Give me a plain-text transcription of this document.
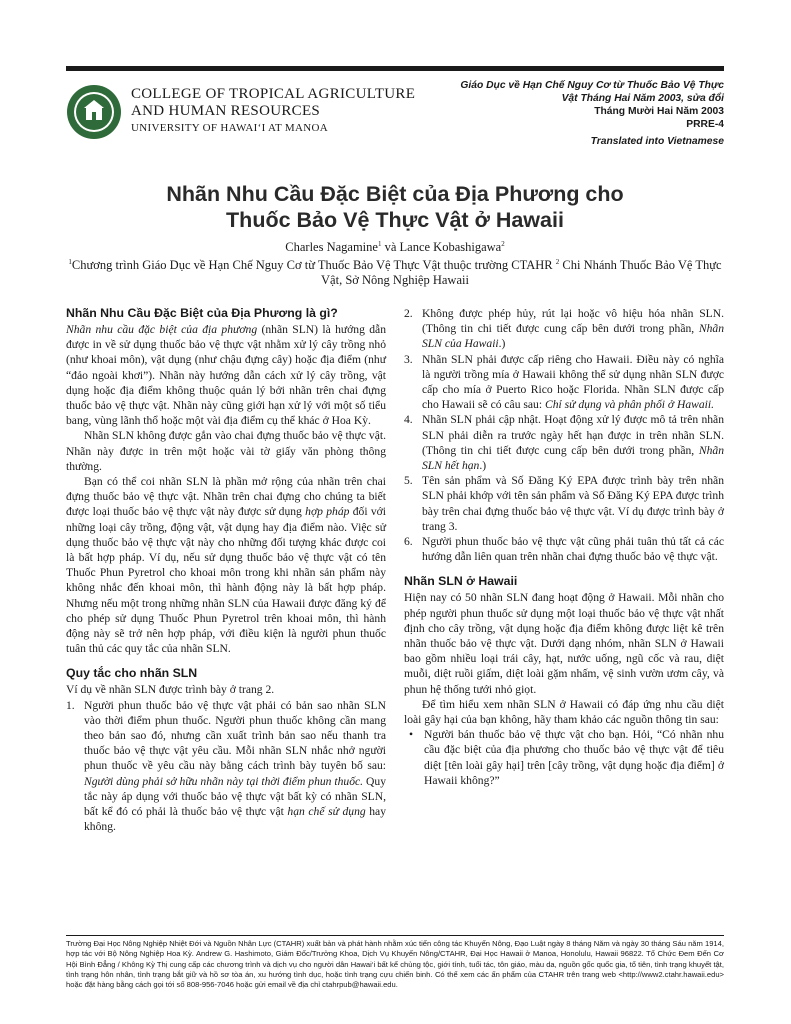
COLLEGE OF TROPICAL AGRICULTURE
AND HUMAN RESOURCES
UNIVERSITY OF HAWAI‘I AT MANOA
Giáo Dục về Hạn Chế Nguy Cơ từ Thuốc Bảo Vệ Thực
Vật Tháng Hai Năm 2003, sửa đổi
Tháng Mười Hai Năm 2003
PRRE-4
Translated into Vietnamese
Nhãn Nhu Cầu Đặc Biệt của Địa Phương cho
Thuốc Bảo Vệ Thực Vật ở Hawaii
Charles Nagamine$^1$ và Lance Kobashigawa$^2$
$^1$Chương trình Giáo Dục về Hạn Chế Nguy Cơ từ Thuốc Bảo Vệ Thực Vật thuộc trường CTAHR $^2$ Chi Nhánh Thuốc Bảo Vệ Thực Vật, Sở Nông Nghiệp Hawaii
Nhãn Nhu Cầu Đặc Biệt của Địa Phương là gì?

Nhãn nhu cầu đặc biệt của địa phương (nhãn SLN) là hướng dẫn được in về sử dụng thuốc bảo vệ thực vật nhằm xử lý cây trồng nhỏ (như khoai môn), vật dụng (như chậu đựng cây) hoặc địa điểm (như “đảo ngoài khơi”). Nhãn này hướng dẫn cách xử lý cây trồng, vật dụng hoặc địa điểm không thuộc quản lý bởi nhãn trên chai đựng thuốc bảo vệ thực vật. Nhãn này cũng giới hạn xử lý với một số tiểu bang, vùng lãnh thổ hoặc một vài địa điểm cụ thể khác ở Hoa Kỳ.

Nhãn SLN không được gắn vào chai đựng thuốc bảo vệ thực vật. Nhãn này được in trên một hoặc vài tờ giấy văn phòng thông thường.

Bạn có thể coi nhãn SLN là phần mở rộng của nhãn trên chai đựng thuốc bảo vệ thực vật. Nhãn trên chai đựng cho chúng ta biết được loại thuốc bảo vệ thực vật này được sử dụng hợp pháp đối với những loại cây trồng, động vật, vật dụng hay địa điểm nào. Việc sử dụng thuốc bảo vệ thực vật này cho những đối tượng khác được coi là bất hợp pháp. Ví dụ, nếu sử dụng thuốc bảo vệ thực vật có tên Thuốc Phun Pyretrol cho khoai môn trong khi nhãn sản phẩm này không nhắc đến khoai môn, thì hành động này là bất hợp pháp. Nhưng nếu một trong những nhãn SLN của Hawaii được đăng ký để cho phép sử dụng Thuốc Phun Pyretrol trên khoai môn, thì hành động này sẽ trở nên hợp pháp, với điều kiện là người phun thuốc tuân thủ các quy tắc của nhãn SLN.

Quy tắc cho nhãn SLN

Ví dụ về nhãn SLN được trình bày ở trang 2.

1. Người phun thuốc bảo vệ thực vật phải có bản sao nhãn SLN vào thời điểm phun thuốc. Người phun thuốc không cần mang theo bản sao đó, nhưng cần xuất trình bản sao nếu thanh tra thuốc bảo vệ thực vật yêu cầu. Mỗi nhãn SLN nhắc nhở người phun thuốc về yêu cầu này bằng cách trình bày tuyên bố sau: Người dùng phải sở hữu nhãn này tại thời điểm phun thuốc. Quy tắc này áp dụng với thuốc bảo vệ thực vật bất kỳ có nhãn SLN, bất kể đó có phải là thuốc bảo vệ thực vật hạn chế sử dụng hay không.
2. Không được phép hủy, rút lại hoặc vô hiệu hóa nhãn SLN. (Thông tin chi tiết được cung cấp bên dưới trong phần, Nhãn SLN của Hawaii.)
3. Nhãn SLN phải được cấp riêng cho Hawaii. Điều này có nghĩa là người trồng mía ở Hawaii không thể sử dụng nhãn SLN được cấp cho mía ở Puerto Rico hoặc Florida. Nhãn SLN được cấp cho Hawaii sẽ có câu sau: Chỉ sử dụng và phân phối ở Hawaii.
4. Nhãn SLN phải cập nhật. Hoạt động xử lý được mô tả trên nhãn SLN phải diễn ra trước ngày hết hạn được in trên nhãn SLN. (Thông tin chi tiết được cung cấp bên dưới trong phần, Nhãn SLN hết hạn.)
5. Tên sản phẩm và Số Đăng Ký EPA được trình bày trên nhãn SLN phải khớp với tên sản phẩm và Số Đăng Ký EPA được trình bày trên chai đựng thuốc bảo vệ thực vật. Ví dụ được trình bày ở trang 3.
6. Người phun thuốc bảo vệ thực vật cũng phải tuân thủ tất cả các hướng dẫn liên quan trên nhãn chai đựng thuốc bảo vệ thực vật.
Nhãn SLN ở Hawaii

Hiện nay có 50 nhãn SLN đang hoạt động ở Hawaii. Mỗi nhãn cho phép người phun thuốc sử dụng một loại thuốc bảo vệ thực vật nhất định cho cây trồng, vật dụng hoặc địa điểm không được liệt kê trên nhãn thuốc bảo vệ thực vật. Dưới dạng nhóm, nhãn SLN ở Hawaii bao gồm nhiều loại trái cây, hạt, nước uống, ngũ cốc và rau, diệt muỗi, diệt ruồi giấm, diệt loài gặm nhấm, vệ sinh vườn ươm cây, và phun hệ thống tưới nhỏ giọt.

Để tìm hiểu xem nhãn SLN ở Hawaii có đáp ứng nhu cầu diệt loài gây hại của bạn không, hãy tham khảo các nguồn thông tin sau:

• Người bán thuốc bảo vệ thực vật cho bạn. Hỏi, “Có nhãn nhu cầu đặc biệt của địa phương cho thuốc bảo vệ thực vật để tiêu diệt [tên loài gây hại] trên [cây trồng, vật dụng hoặc địa điểm] ở Hawaii không?”
Trường Đại Học Nông Nghiệp Nhiệt Đới và Nguồn Nhân Lực (CTAHR) xuất bản và phát hành nhằm xúc tiến công tác Khuyến Nông, Đạo Luật ngày 8 tháng Năm và ngày 30 tháng Sáu năm 1914, hợp tác với Bộ Nông Nghiệp Hoa Kỳ. Andrew G. Hashimoto, Giám Đốc/Trưởng Khoa, Dịch Vụ Khuyến Nông/CTAHR, Đại Học Hawaii ở Manoa, Honolulu, Hawaii 96822. Tổ Chức Đem Đến Cơ Hội Bình Đẳng / Không Kỳ Thị cung cấp các chương trình và dịch vụ cho người dân Hawai‘i bất kể chủng tộc, giới tính, tuổi tác, tôn giáo, màu da, nguồn gốc quốc gia, tổ tiên, tình trạng khuyết tật, tình trạng hôn nhân, tình trạng bắt giữ và hồ sơ tòa án, xu hướng tình dục, hoặc tình trạng cựu chiến binh. Có thể xem các ấn phẩm của CTAHR trên trang web <http://www2.ctahr.hawaii.edu> hoặc đặt hàng bằng cách gọi tới số 808-956-7046 hoặc gửi email về địa chỉ ctahrpub@hawaii.edu.
